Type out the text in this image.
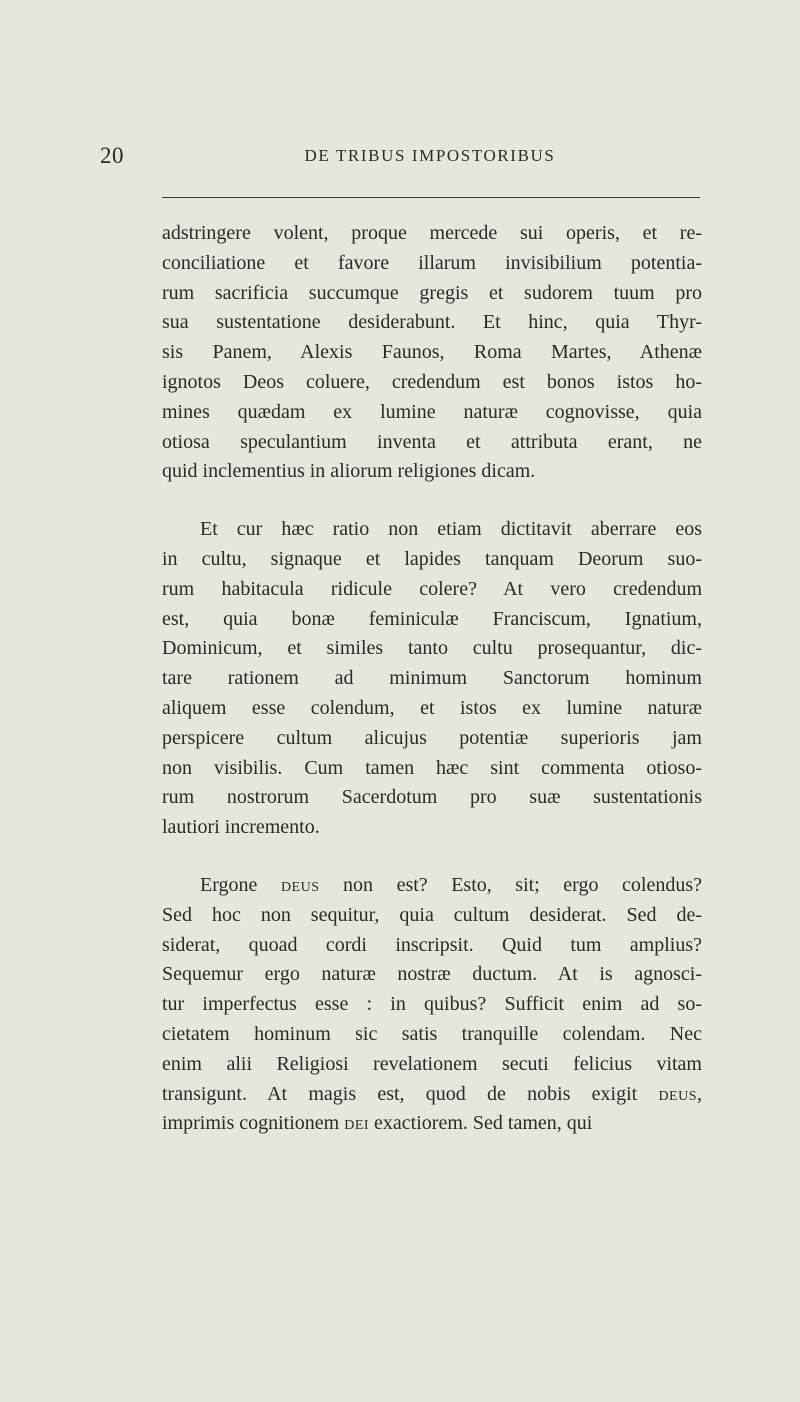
20	DE TRIBUS IMPOSTORIBUS
adstringere volent, proque mercede sui operis, et re-
conciliatione et favore illarum invisibilium potentia-
rum sacrificia succumque gregis et sudorem tuum pro
sua sustentatione desiderabunt. Et hinc, quia Thyr-
sis Panem, Alexis Faunos, Roma Martes, Athenæ
ignotos Deos coluere, credendum est bonos istos ho-
mines quædam ex lumine naturæ cognovisse, quia
otiosa speculantium inventa et attributa erant, ne
quid inclementius in aliorum religiones dicam.
Et cur hæc ratio non etiam dictitavit aberrare eos
in cultu, signaque et lapides tanquam Deorum suo-
rum habitacula ridicule colere? At vero credendum
est, quia bonæ feminiculæ Franciscum, Ignatium,
Dominicum, et similes tanto cultu prosequantur, dic-
tare rationem ad minimum Sanctorum hominum
aliquem esse colendum, et istos ex lumine naturæ
perspicere cultum alicujus potentiæ superioris jam
non visibilis. Cum tamen hæc sint commenta otioso-
rum nostrorum Sacerdotum pro suæ sustentationis
lautiori incremento.
Ergone deus non est? Esto, sit; ergo colendus?
Sed hoc non sequitur, quia cultum desiderat. Sed de-
siderat, quoad cordi inscripsit. Quid tum amplius?
Sequemur ergo naturæ nostræ ductum. At is agnosci-
tur imperfectus esse : in quibus? Sufficit enim ad so-
cietatem hominum sic satis tranquille colendam. Nec
enim alii Religiosi revelationem secuti felicius vitam
transigunt. At magis est, quod de nobis exigit deus,
imprimis cognitionem dei exactiorem. Sed tamen, qui
